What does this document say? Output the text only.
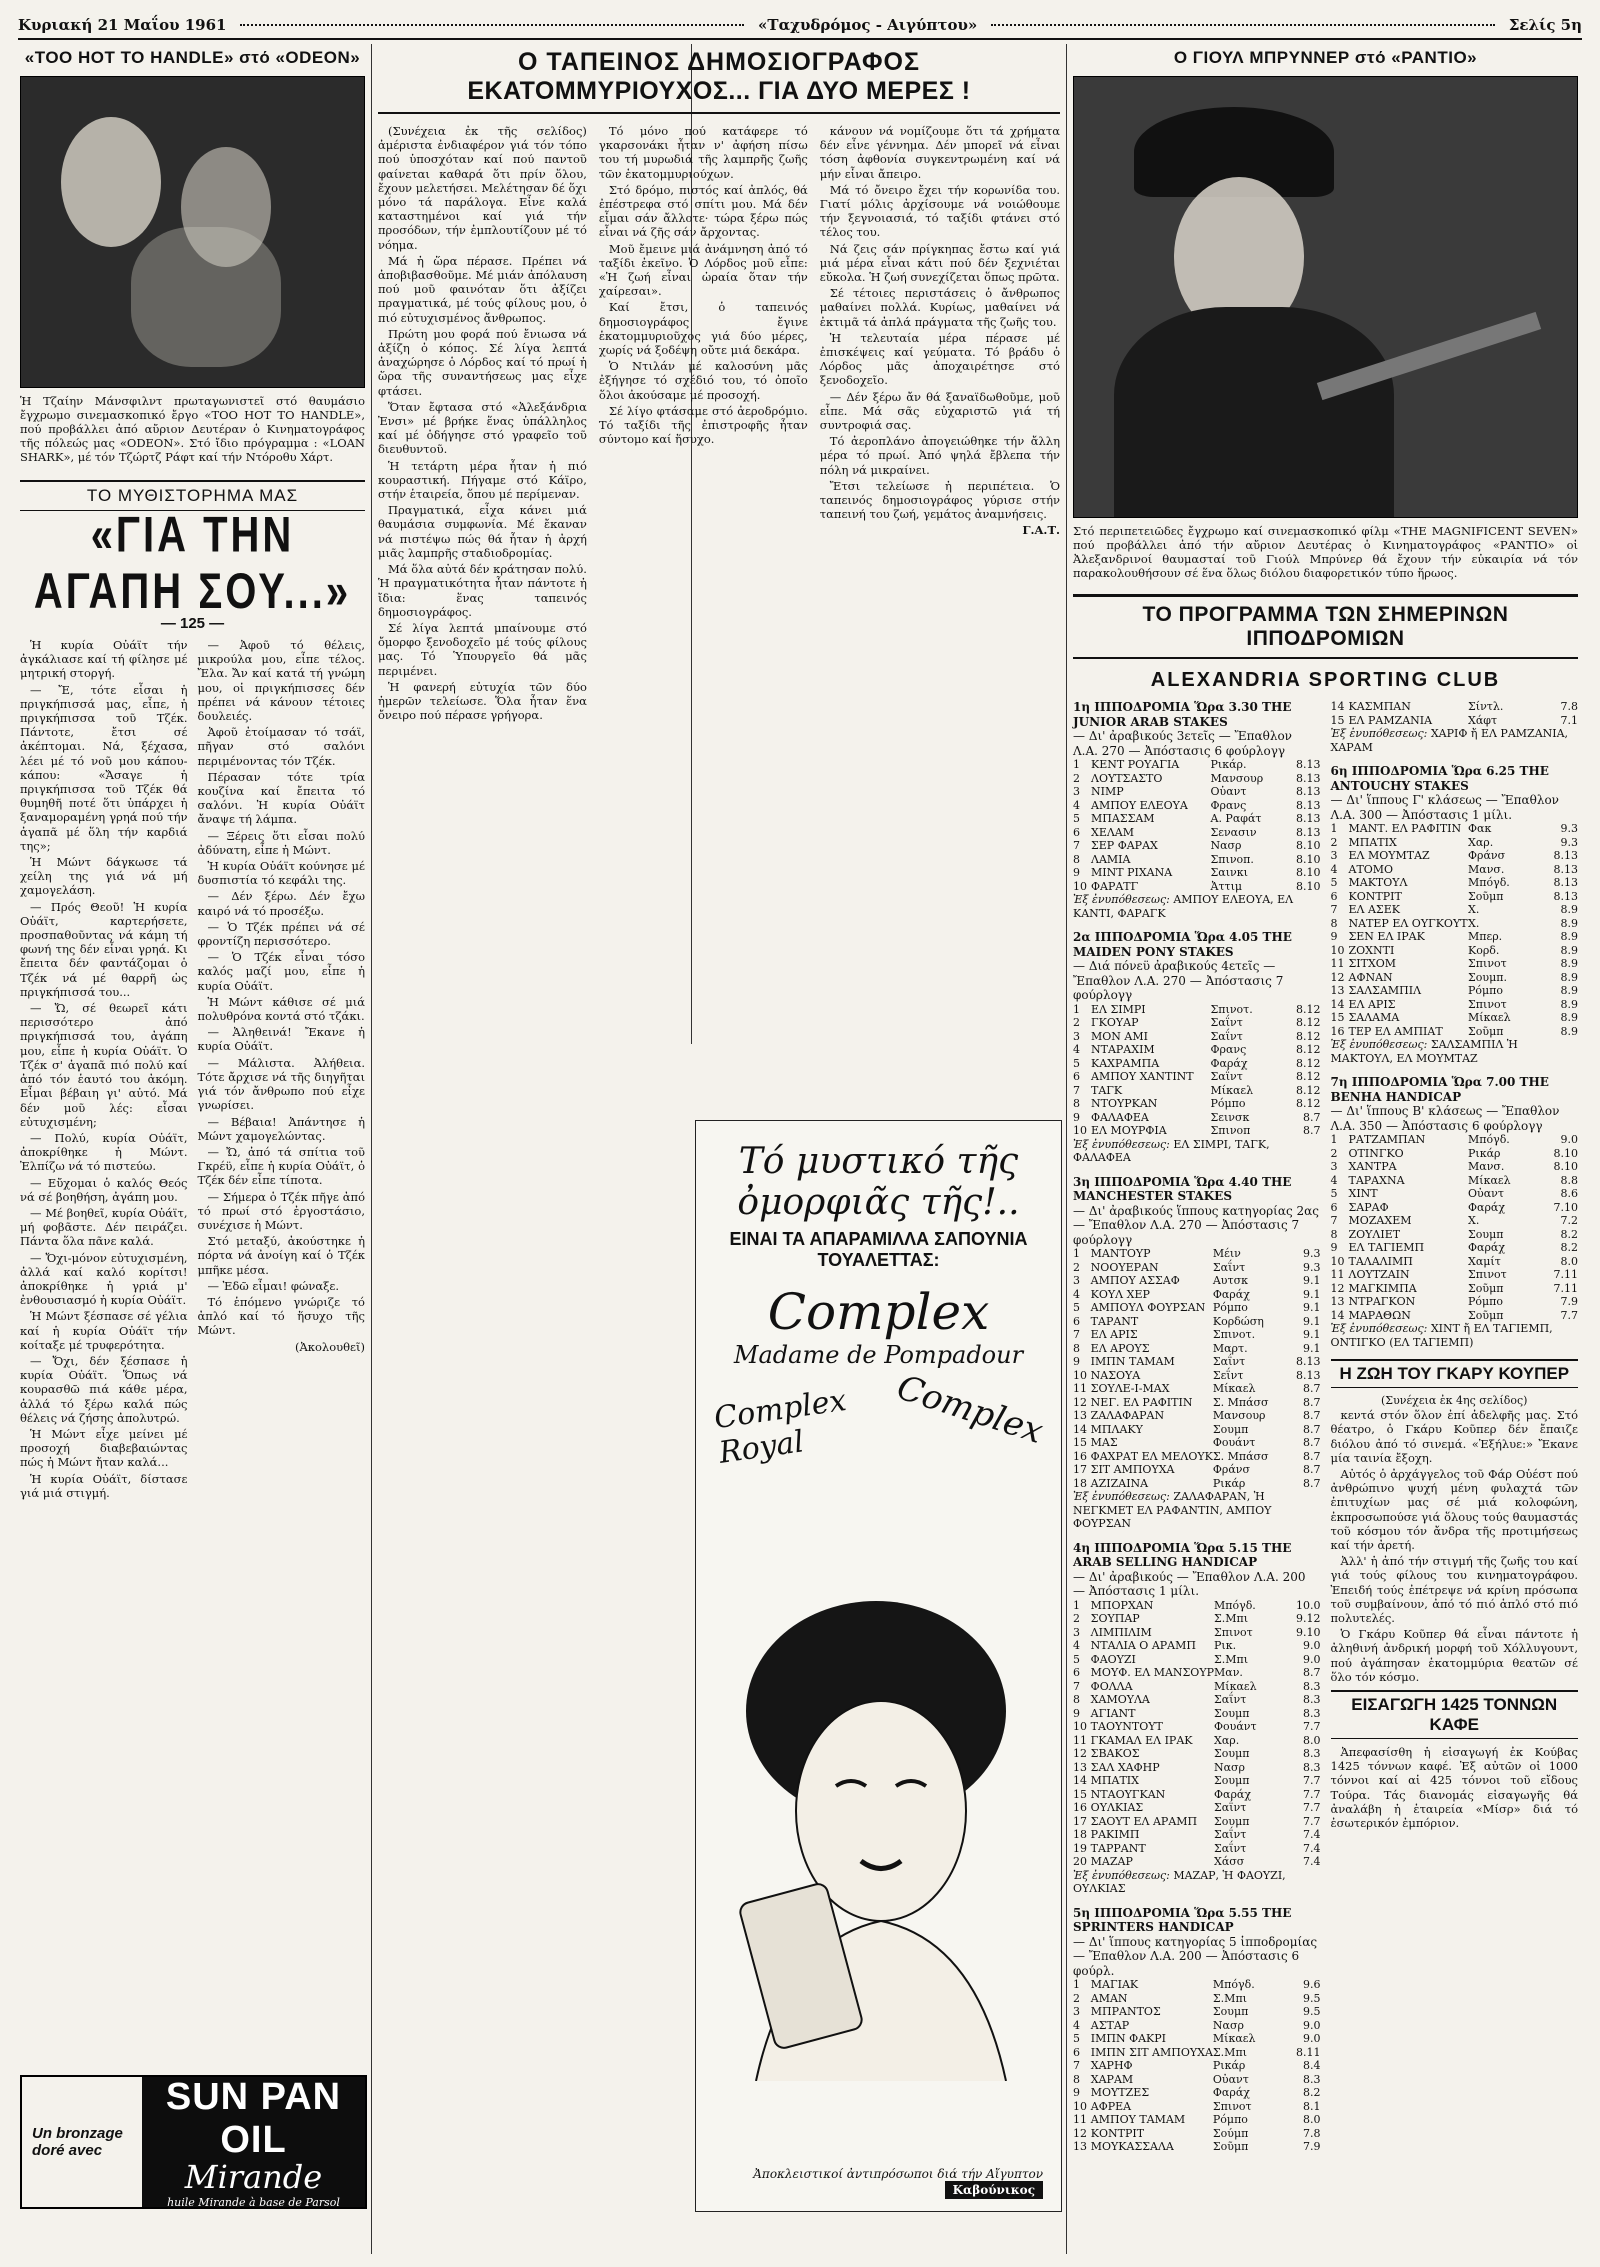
Κυριακή 21 Μαΐου 1961	«Ταχυδρόμος - Αιγύπτου»	Σελίς 5η
«TOO HOT TO HANDLE» στό «ODEON»
Ἡ Τζαίην Μάνσφιλντ πρωταγωνιστεῖ στό θαυμάσιο ἔγχρωμο σινεμασκοπικό ἔργο «TOO HOT TO HANDLE», πού προβάλλει ἀπό αὔριον Δευτέραν ὁ Κινηματογράφος τῆς πόλεώς μας «ODEON». Στό ἴδιο πρόγραμμα : «LOAN SHARK», μέ τόν Τζώρτζ Ράφτ καί τήν Ντόροθυ Χάρτ.
ΤΟ ΜΥΘΙΣΤΟΡΗΜΑ ΜΑΣ
«ΓΙΑ ΤΗΝ ΑΓΑΠΗ ΣΟΥ...»
— 125 —

Ἡ κυρία Οὐάϊτ τήν ἀγκάλιασε καί τή φίλησε μέ μητρική στοργή.

— Ἔ, τότε εἶσαι ἡ πριγκήπισσά μας, εἶπε, ἡ πριγκήπισσα τοῦ Τζέκ. Πάντοτε, ἔτσι σέ ἀκέπτομαι. Νά, ξέχασα, λέει μέ τό νοῦ μου κάπου-κάπου: «Ἄσαγε ἡ πριγκήπισσα τοῦ Τζέκ θά θυμηθῆ ποτέ ὅτι ὑπάρχει ἡ ξαναμοραμένη γρηά πού τήν ἀγαπᾶ μέ ὅλη τήν καρδιά της»;

Ἡ Μώντ δάγκωσε τά χείλη της γιά νά μή χαμογελάση.

— Πρός Θεοῦ! Ἡ κυρία Οὐάϊτ, καρτερήσετε, προσπαθοῦντας νά κάμη τή φωνή της δέν εἶναι γρηά. Κι ἔπειτα δέν φαντάζομαι ὁ Τζέκ νά μέ θαρρῆ ὡς πριγκήπισσά του...

— Ὤ, σέ θεωρεῖ κάτι περισσότερο ἀπό πριγκήπισσά του, ἀγάπη μου, εἶπε ἡ κυρία Οὐάϊτ. Ὁ Τζέκ σ' ἀγαπᾶ πιό πολύ καί ἀπό τόν ἑαυτό του ἀκόμη. Εἶμαι βέβαιη γι' αὐτό. Μά δέν μοῦ λές: εἶσαι εὐτυχισμένη;

— Πολύ, κυρία Οὐάϊτ, ἀποκρίθηκε ἡ Μώντ. Ἐλπίζω νά τό πιστεύω.

— Εὔχομαι ὁ καλός Θεός νά σέ βοηθήση, ἀγάπη μου.

— Μέ βοηθεῖ, κυρία Οὐάϊτ, μή φοβᾶστε. Δέν πειράζει. Πάντα ὅλα πᾶνε καλά.

— Ὄχι-μόνον εὐτυχισμένη, ἀλλά καί καλό κορίτσι! ἀποκρίθηκε ἡ γριά μ' ἐνθουσιασμό ἡ κυρία Οὐάϊτ.

Ἡ Μώντ ξέσπασε σέ γέλια καί ἡ κυρία Οὐάϊτ τήν κοίταξε μέ τρυφερότητα.

— Ὄχι, δέν ξέσπασε ἡ κυρία Οὐάϊτ. Ὅπως νά κουρασθῶ πιά κάθε μέρα, ἀλλά τό ξέρω καλά πώς θέλεις νά ζήσης ἀπολυτρώ.

Ἡ Μώντ εἶχε μείνει μέ προσοχή διαβεβαιώντας πώς ἡ Μώντ ἤταν καλά...

Ἡ κυρία Οὐάϊτ, δίστασε γιά μιά στιγμή.

— Ἀφοῦ τό θέλεις, μικρούλα μου, εἶπε τέλος. Ἔλα. Ἄν καί κατά τή γνώμη μου, οἱ πριγκήπισσες δέν πρέπει νά κάνουν τέτοιες δουλειές.

Ἀφοῦ ἐτοίμασαν τό τσάϊ, πῆγαν στό σαλόνι περιμένοντας τόν Τζέκ.

Πέρασαν τότε τρία κουζίνα καί ἔπειτα τό σαλόνι. Ἡ κυρία Οὐάϊτ ἄναψε τή λάμπα.

— Ξέρεις ὅτι εἶσαι πολύ ἀδύνατη, εἶπε ἡ Μώντ.

Ἡ κυρία Οὐάϊτ κούνησε μέ δυσπιστία τό κεφάλι της.

— Δέν ξέρω. Δέν ἔχω καιρό νά τό προσέξω.

— Ὁ Τζέκ πρέπει νά σέ φροντίζη περισσότερο.

— Ὁ Τζέκ εἶναι τόσο καλός μαζί μου, εἶπε ἡ κυρία Οὐάϊτ.

Ἡ Μώντ κάθισε σέ μιά πολυθρόνα κοντά στό τζάκι.

— Ἀληθεινά! Ἔκανε ἡ κυρία Οὐάϊτ.

— Μάλιστα. Ἀλήθεια. Τότε ἄρχισε νά τῆς διηγῆται γιά τόν ἄνθρωπο πού εἶχε γνωρίσει.

— Βέβαια! Ἀπάντησε ἡ Μώντ χαμογελώντας.

— Ὤ, ἀπό τά σπίτια τοῦ Γκρέϋ, εἶπε ἡ κυρία Οὐάϊτ, ὁ Τζέκ δέν εἶπε τίποτα.

— Σήμερα ὁ Τζέκ πῆγε ἀπό τό πρωί στό ἐργοστάσιο, συνέχισε ἡ Μώντ.

Στό μεταξύ, ἀκούστηκε ἡ πόρτα νά ἀνοίγη καί ὁ Τζέκ μπῆκε μέσα.

— Ἐδῶ εἶμαι! φώναξε.

Τό ἑπόμενο γνώριζε τό ἀπλό καί τό ἥσυχο τῆς Μώντ.

(Ἀκολουθεῖ)

Un bronzage doré avec
SUN PAN OIL
Mirande
huile Mirande à base de Parsol
Ο ΤΑΠΕΙΝΟΣ ΔΗΜΟΣΙΟΓΡΑΦΟΣ
ΕΚΑΤΟΜΜΥΡΙΟΥΧΟΣ... ΓΙΑ ΔΥΟ ΜΕΡΕΣ !

(Συνέχεια ἐκ τῆς σελίδος) ἀμέριστα ἐνδιαφέρον γιά τόν τόπο πού ὑποσχόταν καί πού παντοῦ φαίνεται καθαρά ὅτι πρίν ὅλου, ἔχουν μελετήσει. Μελέτησαν δέ ὅχι μόνο τά παράλογα. Εἶνε καλά καταστημένοι καί γιά τήν προσόδων, τήν ἐμπλουτίζουν μέ τό νόημα.

Μά ἡ ὥρα πέρασε. Πρέπει νά ἀποβιβασθοῦμε. Μέ μιάν ἀπόλαυση πού μοῦ φαινόταν ὅτι ἀξίζει πραγματικά, μέ τούς φίλους μου, ὁ πιό εὐτυχισμένος ἄνθρωπος.

Πρώτη μου φορά πού ἔνιωσα νά ἀξίζη ὁ κόπος. Σέ λίγα λεπτά ἀναχώρησε ὁ Λόρδος καί τό πρωί ἡ ὥρα τῆς συναντήσεως μας εἶχε φτάσει.

Ὅταν ἔφτασα στό «Ἀλεξάνδρια Ἐνσι» μέ βρήκε ἕνας ὑπάλληλος καί μέ ὁδήγησε στό γραφεῖο τοῦ διευθυντοῦ.

Ἡ τετάρτη μέρα ἦταν ἡ πιό κουραστική. Πήγαμε στό Κάϊρο, στήν ἑταιρεία, ὅπου μέ περίμεναν.

Πραγματικά, εἶχα κάνει μιά θαυμάσια συμφωνία. Μέ ἔκαναν νά πιστέψω πώς θά ἦταν ἡ ἀρχή μιᾶς λαμπρῆς σταδιοδρομίας.

Μά ὅλα αὐτά δέν κράτησαν πολύ. Ἡ πραγματικότητα ἦταν πάντοτε ἡ ἴδια: ἕνας ταπεινός δημοσιογράφος.

Σέ λίγα λεπτά μπαίνουμε στό ὄμορφο ξενοδοχεῖο μέ τούς φίλους μας. Τό Ὑπουργεῖο θά μᾶς περιμένει.

Ἡ φανερή εὐτυχία τῶν δύο ἡμερῶν τελείωσε. Ὅλα ἦταν ἕνα ὄνειρο πού πέρασε γρήγορα.

Τό μόνο πού κατάφερε τό γκαρσονάκι ἦταν ν' ἀφήση πίσω του τή μυρωδιά τῆς λαμπρῆς ζωῆς τῶν ἑκατομμυριούχων.

Στό δρόμο, πιστός καί ἀπλός, θά ἐπέστρεφα στό σπίτι μου. Μά δέν εἶμαι σάν ἄλλοτε· τώρα ξέρω πώς εἶναι νά ζῆς σάν ἄρχοντας.

Μοῦ ἔμεινε μιά ἀνάμνηση ἀπό τό ταξίδι ἐκεῖνο. Ὁ Λόρδος μοῦ εἶπε: «Ἡ ζωή εἶναι ὡραία ὅταν τήν χαίρεσαι».

Καί ἔτσι, ὁ ταπεινός δημοσιογράφος ἔγινε ἑκατομμυριοῦχος γιά δύο μέρες, χωρίς νά ξοδέψη οὔτε μιά δεκάρα.

Ὁ Ντιλάν μέ καλοσύνη μᾶς ἐξήγησε τό σχέδιό του, τό ὁποῖο ὅλοι ἀκούσαμε μέ προσοχή.

Σέ λίγο φτάσαμε στό ἀεροδρόμιο. Τό ταξίδι τῆς ἐπιστροφῆς ἦταν σύντομο καί ἥσυχο.

κάνουν νά νομίζουμε ὅτι τά χρήματα δέν εἶνε γέννημα. Δέν μπορεῖ νά εἶναι τόση ἀφθονία συγκεντρωμένη καί νά μήν εἶναι ἄπειρο.

Μά τό ὄνειρο ἔχει τήν κορωνίδα του. Γιατί μόλις ἀρχίσουμε νά νοιώθουμε τήν ξεγνοιασιά, τό ταξίδι φτάνει στό τέλος του.

Νά ζεις σάν πρίγκηπας ἔστω καί γιά μιά μέρα εἶναι κάτι πού δέν ξεχνιέται εὔκολα. Ἡ ζωή συνεχίζεται ὅπως πρῶτα.

Σέ τέτοιες περιστάσεις ὁ ἄνθρωπος μαθαίνει πολλά. Κυρίως, μαθαίνει νά ἐκτιμᾶ τά ἀπλά πράγματα τῆς ζωῆς του.

Ἡ τελευταία μέρα πέρασε μέ ἐπισκέψεις καί γεύματα. Τό βράδυ ὁ Λόρδος μᾶς ἀποχαιρέτησε στό ξενοδοχεῖο.

— Δέν ξέρω ἄν θά ξαναϊδωθοῦμε, μοῦ εἶπε. Μά σᾶς εὐχαριστῶ γιά τή συντροφιά σας.

Τό ἀεροπλάνο ἀπογειώθηκε τήν ἄλλη μέρα τό πρωί. Ἀπό ψηλά ἔβλεπα τήν πόλη νά μικραίνει.

Ἔτσι τελείωσε ἡ περιπέτεια. Ὁ ταπεινός δημοσιογράφος γύρισε στήν ταπεινή του ζωή, γεμάτος ἀναμνήσεις.

Γ.Α.Τ.

Τό μυστικό τῆς ὀμορφιᾶς τῆς!..
ΕΙΝΑΙ ΤΑ ΑΠΑΡΑΜΙΛΛΑ ΣΑΠΟΥΝΙΑ ΤΟΥΑΛΕΤΤΑΣ:
Complex
Madame de Pompadour
Complex Royal	Complex
Ἀποκλειστικοί ἀντιπρόσωποι διά τήν Αἴγυπτον Καβούνικος
Ο ΓΙΟΥΛ ΜΠΡΥΝΝΕΡ στό «ΡΑΝΤΙΟ»
Στό περιπετειῶδες ἔγχρωμο καί σινεμασκοπικό φίλμ «THE MAGNIFICENT SEVEN» πού προβάλλει ἀπό τήν αὔριον Δευτέρας ὁ Κινηματογράφος «ΡΑΝΤΙΟ» οἱ Ἀλεξανδρινοί θαυμασταί τοῦ Γιούλ Μπρύνερ θά ἔχουν τήν εὐκαιρία νά τόν παρακολουθήσουν σέ ἕνα ὅλως διόλου διαφορετικόν τύπο ἥρωος.
ΤΟ ΠΡΟΓΡΑΜΜΑ ΤΩΝ ΣΗΜΕΡΙΝΩΝ ΙΠΠΟΔΡΟΜΙΩΝ
ALEXANDRIA SPORTING CLUB
1η ΙΠΠΟΔΡΟΜΙΑ Ὥρα 3.30 THE JUNIOR ARAB STAKES
— Δι' ἀραβικούς 3ετεῖς — Ἔπαθλον Λ.Α. 270 — Ἀπόστασις 6 φούρλογγ
1	ΚΕΝΤ ΡΟΥΑΓΙΑ	Ρικάρ.	8.13
2	ΛΟΥΤΣΑΣΤΟ	Μανσουρ	8.13
3	ΝΙΜΡ	Οὐαντ	8.13
4	ΑΜΠΟΥ ΕΛΕΟΥΑ	Φρανς	8.13
5	ΜΠΑΣΣΑΜ	Α. Ραφάτ	8.13
6	ΧΕΛΑΜ	Σενασιν	8.13
7	ΣΕΡ ΦΑΡΑΧ	Νασρ	8.10
8	ΛΑΜΙΑ	Σπινοπ.	8.10
9	ΜΙΝΤ ΡΙΧΑΝΑ	Σαινκι	8.10
10	ΦΑΡΑΤΓ	Ἀττιμ	8.10
Ἐξ ἐνυπόθεσεως: ΑΜΠΟΥ ΕΛΕΟΥΑ, ΕΛ ΚΑΝΤΙ, ΦΑΡΑΓΚ
2α ΙΠΠΟΔΡΟΜΙΑ Ὥρα 4.05 THE MAIDEN PONY STAKES
— Διά πόνεϋ ἀραβικούς 4ετεῖς — Ἔπαθλον Λ.Α. 270 — Ἀπόστασις 7 φούρλογγ
1	ΕΛ ΣΙΜΡΙ	Σπινοτ.	8.12
2	ΓΚΟΥΑΡ	Σαΐντ	8.12
3	ΜΟΝ ΑΜΙ	Σαΐντ	8.12
4	ΝΤΑΡΑΧΙΜ	Φρανς	8.12
5	ΚΑΧΡΑΜΠΑ	Φαράχ	8.12
6	ΑΜΠΟΥ ΧΑΝΤΙΝΤ	Σαΐντ	8.12
7	ΤΑΓΚ	Μίκαελ	8.12
8	ΝΤΟΥΡΚΑΝ	Ρόμπο	8.12
9	ΦΑΛΑΦΕΑ	Σεινσκ	8.7
10	ΕΛ ΜΟΥΡΦΙΑ	Σπινοπ	8.7
Ἐξ ἐνυπόθεσεως: ΕΛ ΣΙΜΡΙ, ΤΑΓΚ, ΦΑΛΑΦΕΑ
3η ΙΠΠΟΔΡΟΜΙΑ Ὥρα 4.40 THE MANCHESTER STAKES
— Δι' ἀραβικούς ἵππους κατηγορίας 2ας — Ἔπαθλον Λ.Α. 270 — Ἀπόστασις 7 φούρλογγ
1	ΜΑΝΤΟΥΡ	Μέιν	9.3
2	ΝΟΟΥΕΡΑΝ	Σαΐντ	9.3
3	ΑΜΠΟΥ ΑΣΣΑΦ	Αυτσκ	9.1
4	ΚΟΥΛ ΧΕΡ	Φαράχ	9.1
5	ΑΜΠΟΥΛ ΦΟΥΡΣΑΝ	Ρόμπο	9.1
6	ΤΑΡΑΝΤ	Κορδώση	9.1
7	ΕΛ ΑΡΙΣ	Σπινοτ.	9.1
8	ΕΛ ΑΡΟΥΣ	Μαρτ.	9.1
9	ΙΜΠΝ ΤΑΜΑΜ	Σαΐντ	8.13
10	ΝΑΣΟΥΑ	Σεΐντ	8.13
11	ΣΟΥΛΕ-Ι-ΜΑΧ	Μίκαελ	8.7
12	ΝΕΓ. ΕΛ ΡΑΦΙΤΙΝ	Σ. Μπάσσ	8.7
13	ΖΑΛΑΦΑΡΑΝ	Μανσουρ	8.7
14	ΜΠΛΑΚΥ	Σουμπ	8.7
15	ΜΑΣ	Φουάντ	8.7
16	ΦΑΧΡΑΤ ΕΛ ΜΕΛΟΥΚ	Σ. Μπάσσ	8.7
17	ΣΙΤ ΑΜΠΟΥΧΑ	Φράνσ	8.7
18	ΑΖΙΖΑΙΝΑ	Ρικάρ	8.7
Ἐξ ἐνυπόθεσεως: ΖΑΛΑΦΑΡΑΝ, Ἡ ΝΕΓΚΜΕΤ ΕΛ ΡΑΦΑΝΤΙΝ, ΑΜΠΟΥ ΦΟΥΡΣΑΝ
4η ΙΠΠΟΔΡΟΜΙΑ Ὥρα 5.15 THE ARAB SELLING HANDICAP
— Δι' ἀραβικούς — Ἔπαθλον Λ.Α. 200 — Ἀπόστασις 1 μίλι.
1	ΜΠΟΡΧΑΝ	Μπόγδ.	10.0
2	ΣΟΥΠΑΡ	Σ.Μπι	9.12
3	ΛΙΜΠΙΛΙΜ	Σπινοτ	9.10
4	ΝΤΑΛΙΑ Ο ΑΡΑΜΠ	Ρικ.	9.0
5	ΦΑΟΥΖΙ	Σ.Μπι	9.0
6	ΜΟΥΦ. ΕΛ ΜΑΝΣΟΥΡ	Μαν.	8.7
7	ΦΟΛΛΑ	Μίκαελ	8.3
8	ΧΑΜΟΥΛΑ	Σαΐντ	8.3
9	ΑΓΙΑΝΤ	Σουμπ	8.3
10	ΤΑΟΥΝΤΟΥΤ	Φουάντ	7.7
11	ΓΚΑΜΑΛ ΕΛ ΙΡΑΚ	Χαρ.	8.0
12	ΣΒΑΚΟΣ	Σουμπ	8.3
13	ΣΑΛ ΧΑΦΗΡ	Νασρ	8.3
14	ΜΠΑΤΙΧ	Σουμπ	7.7
15	ΝΤΑΟΥΓΚΑΝ	Φαράχ	7.7
16	ΟΥΛΚΙΑΣ	Σαΐντ	7.7
17	ΣΑΟΥΤ ΕΛ ΑΡΑΜΠ	Σουμπ	7.7
18	ΡΑΚΙΜΠ	Σαΐντ	7.4
19	ΤΑΡΡΑΝΤ	Σαΐντ	7.4
20	ΜΑΖΑΡ	Χάσσ	7.4
Ἐξ ἐνυπόθεσεως: ΜΑΖΑΡ, Ἡ ΦΑΟΥΖΙ, ΟΥΛΚΙΑΣ
5η ΙΠΠΟΔΡΟΜΙΑ Ὥρα 5.55 THE SPRINTERS HANDICAP
— Δι' ἵππους κατηγορίας 5 ἱπποδρομίας — Ἔπαθλον Λ.Α. 200 — Ἀπόστασις 6 φούρλ.
1	ΜΑΓΙΑΚ	Μπόγδ.	9.6
2	ΑΜΑΝ	Σ.Μπι	9.5
3	ΜΠΡΑΝΤΟΣ	Σουμπ	9.5
4	ΑΣΤΑΡ	Νασρ	9.0
5	ΙΜΠΝ ΦΑΚΡΙ	Μίκαελ	9.0
6	ΙΜΠΝ ΣΙΤ ΑΜΠΟΥΧΑ	Σ.Μπι	8.11
7	ΧΑΡΗΦ	Ρικάρ	8.4
8	ΧΑΡΑΜ	Οὐαντ	8.3
9	ΜΟΥΤΖΕΣ	Φαράχ	8.2
10	ΑΦΡΕΑ	Σπινοτ	8.1
11	ΑΜΠΟΥ ΤΑΜΑΜ	Ρόμπο	8.0
12	ΚΟΝΤΡΙΤ	Σούμπ	7.8
13	ΜΟΥΚΑΣΣΑΛΑ	Σοῦμπ	7.9
14	ΚΑΣΜΠΑΝ	Σίντλ.	7.8
15	ΕΛ ΡΑΜΖΑΝΙΑ	Χάφτ	7.1
Ἐξ ἐνυπόθεσεως: ΧΑΡΙΦ ἤ ΕΛ ΡΑΜΖΑΝΙΑ, ΧΑΡΑΜ
6η ΙΠΠΟΔΡΟΜΙΑ Ὥρα 6.25 THE ANTOUCHY STAKES
— Δι' ἵππους Γ' κλάσεως — Ἔπαθλον Λ.Α. 300 — Ἀπόστασις 1 μίλι.
1	ΜΑΝΤ. ΕΛ ΡΑΦΙΤΙΝ	Φακ	9.3
2	ΜΠΑΤΙΧ	Χαρ.	9.3
3	ΕΛ ΜΟΥΜΤΑΖ	Φράνσ	8.13
4	ΑΤΟΜΟ	Μανσ.	8.13
5	ΜΑΚΤΟΥΛ	Μπόγδ.	8.13
6	ΚΟΝΤΡΙΤ	Σοῦμπ	8.13
7	ΕΛ ΑΣΕΚ	Χ.	8.9
8	ΝΑΤΕΡ ΕΛ ΟΥΓΚΟΥΤ	Χ.	8.9
9	ΣΕΝ ΕΛ ΙΡΑΚ	Μπερ.	8.9
10	ΖΟΧΝΤΙ	Κορδ.	8.9
11	ΣΙΤΧΟΜ	Σπινοτ	8.9
12	ΑΦΝΑΝ	Σουμπ.	8.9
13	ΣΑΛΣΑΜΠΙΛ	Ρόμπο	8.9
14	ΕΛ ΑΡΙΣ	Σπινοτ	8.9
15	ΣΑΛΑΜΑ	Μίκαελ	8.9
16	ΤΕΡ ΕΛ ΑΜΠΙΑΤ	Σοῦμπ	8.9
Ἐξ ἐνυπόθεσεως: ΣΑΛΣΑΜΠΙΛ Ἡ ΜΑΚΤΟΥΛ, ΕΛ ΜΟΥΜΤΑΖ
7η ΙΠΠΟΔΡΟΜΙΑ Ὥρα 7.00 THE BENHA HANDICAP
— Δι' ἵππους Β' κλάσεως — Ἔπαθλον Λ.Α. 350 — Ἀπόστασις 6 φούρλογγ
1	ΡΑΤΖΑΜΠΑΝ	Μπόγδ.	9.0
2	ΟΤΙΝΓΚΟ	Ρικάρ	8.10
3	ΧΑΝΤΡΑ	Μανσ.	8.10
4	ΤΑΡΑΧΝΑ	Μίκαελ	8.8
5	ΧΙΝΤ	Οὐαντ	8.6
6	ΣΑΡΑΦ	Φαράχ	7.10
7	ΜΟΖΑΧΕΜ	Χ.	7.2
8	ΖΟΥΛΙΕΤ	Σουμπ	8.2
9	ΕΛ ΤΑΓΙΕΜΠ	Φαράχ	8.2
10	ΤΑΛΑΛΙΜΠ	Χαμίτ	8.0
11	ΛΟΥΤΖΑΙΝ	Σπινοτ	7.11
12	ΜΑΓΚΙΜΠΑ	Σοῦμπ	7.11
13	ΝΤΡΑΓΚΟΝ	Ρόμπο	7.9
14	ΜΑΡΑΘΩΝ	Σοῦμπ	7.7
Ἐξ ἐνυπόθεσεως: ΧΙΝΤ ἤ ΕΛ ΤΑΓΙΕΜΠ, ΟΝΤΙΓΚΟ (ΕΛ ΤΑΓΙΕΜΠ)
Η ΖΩΗ ΤΟΥ ΓΚΑΡΥ ΚΟΥΠΕΡ
(Συνέχεια ἐκ 4ης σελίδος)

κεντά στόν ὅλον ἐπί ἀδελφῆς μας. Στό θέατρο, ὁ Γκάρυ Κοῦπερ δέν ἔπαιζε διόλου ἀπό τό σινεμά. «Ἐξήλυε:» Ἔκανε μία ταινία ἔξοχη.

Αὐτός ὁ ἀρχάγγελος τοῦ Φάρ Οὐέστ πού ἀνθρώπινο ψυχή μένη φυλαχτά τῶν ἐπιτυχίων μας σέ μιά κολοφώνη, ἐκπροσωπούσε γιά ὅλους τούς θαυμαστάς τοῦ κόσμου τόν ἄνδρα τῆς προτιμήσεως καί τήν ἀρετή.

Ἀλλ' ἡ ἀπό τήν στιγμή τῆς ζωῆς του καί γιά τούς φίλους του κινηματογράφου. Ἐπειδή τούς ἐπέτρεψε νά κρίνη πρόσωπα τοῦ συμβαίνουν, ἀπό τό πιό ἁπλό στό πιό πολυτελές.

Ὁ Γκάρυ Κοῦπερ θά εἶναι πάντοτε ἡ ἀληθινή ἀνδρική μορφή τοῦ Χόλλυγουντ, πού ἀγάπησαν ἑκατομμύρια θεατῶν σέ ὅλο τόν κόσμο.

ΕΙΣΑΓΩΓΗ 1425 ΤΟΝΝΩΝ ΚΑΦΕ

Ἀπεφασίσθη ἡ εἰσαγωγή ἐκ Κούβας 1425 τόννων καφέ. Ἐξ αὐτῶν οἱ 1000 τόννοι καί αἱ 425 τόννοι τοῦ εἴδους Τούρα. Τάς διανομάς εἰσαγωγῆς θά ἀναλάβη ἡ ἑταιρεία «Μίσρ» διά τό ἐσωτερικόν ἐμπόριον.
